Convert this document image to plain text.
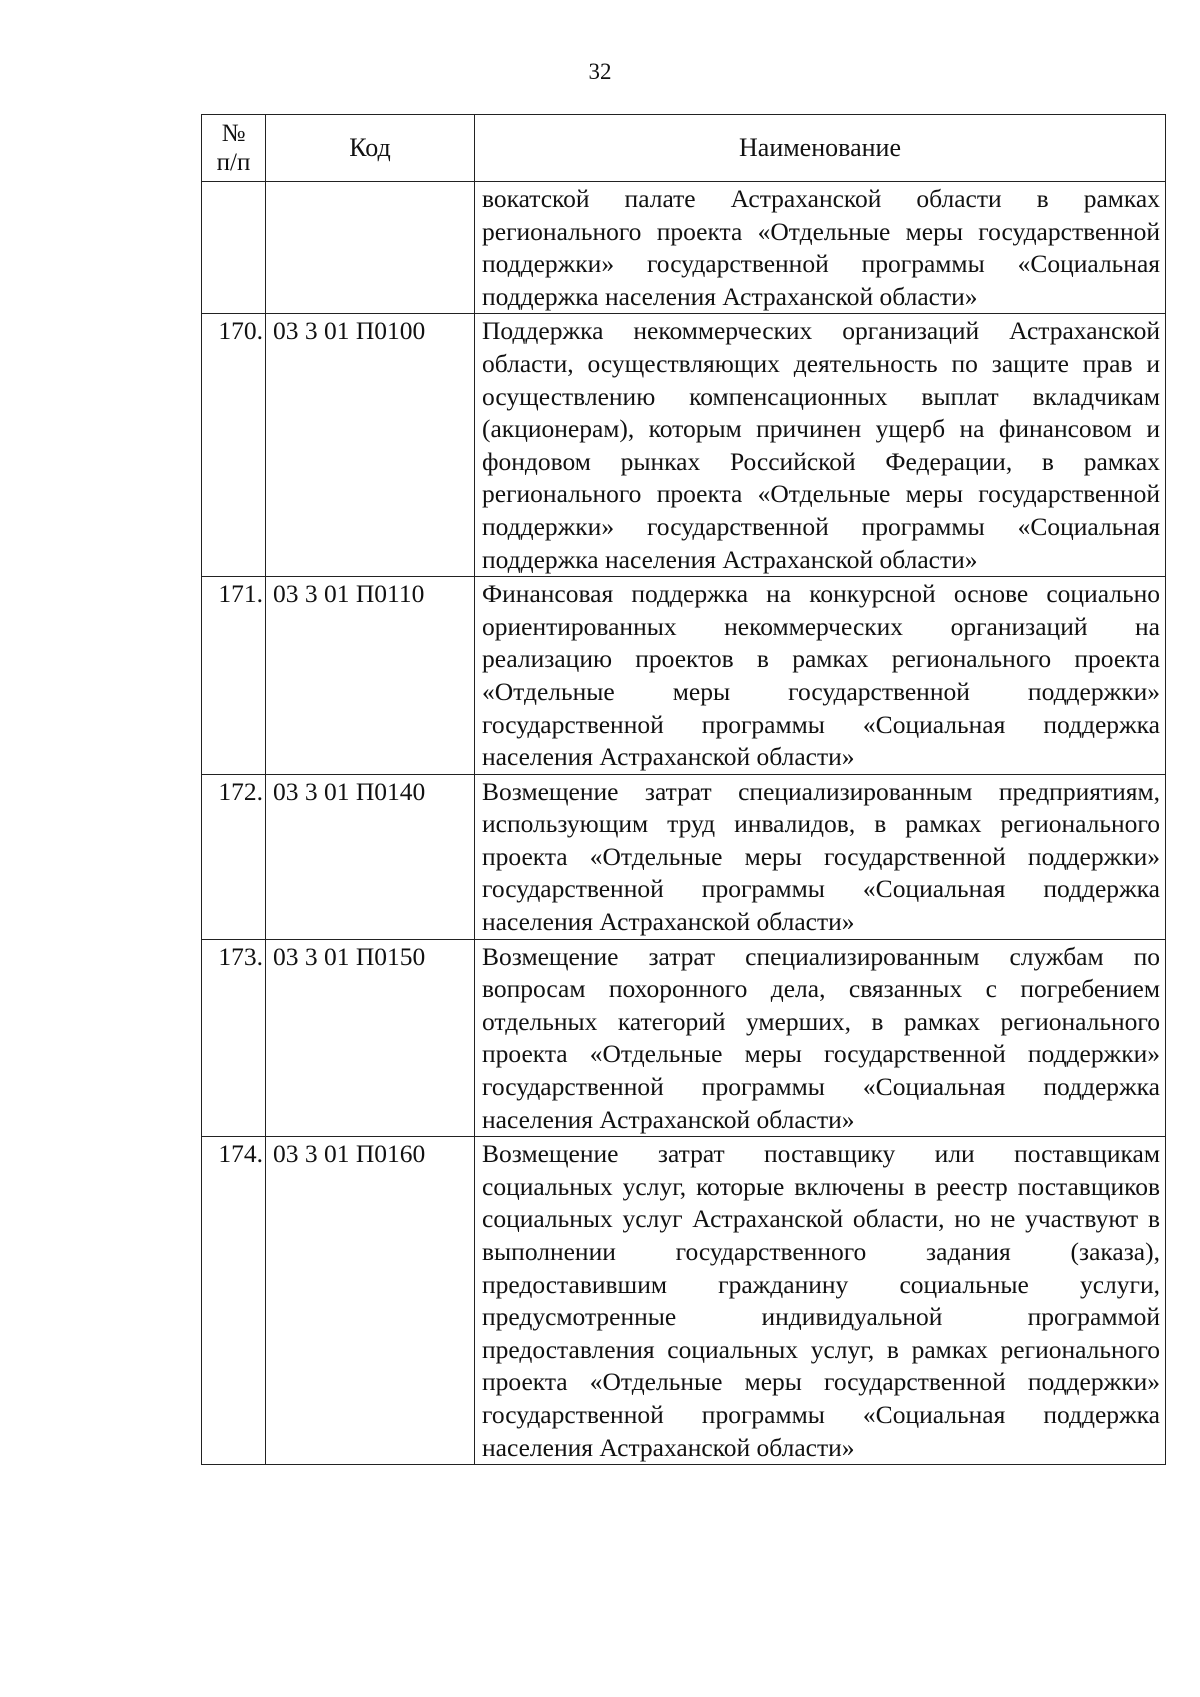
32
№
п/п	Код	Наименование
		вокатской палате Астраханской области в рамках регионального проекта «Отдельные меры государственной поддержки» государственной программы «Социальная поддержка населения Астраханской области»
170.	03 3 01 П0100	Поддержка некоммерческих организаций Астраханской области, осуществляющих деятельность по защите прав и осуществлению компенсационных выплат вкладчикам (акционерам), которым причинен ущерб на финансовом и фондовом рынках Российской Федерации, в рамках регионального проекта «Отдельные меры государственной поддержки» государственной программы «Социальная поддержка населения Астраханской области»
171.	03 3 01 П0110	Финансовая поддержка на конкурсной основе социально ориентированных некоммерческих организаций на реализацию проектов в рамках регионального проекта «Отдельные меры государственной поддержки» государственной программы «Социальная поддержка населения Астраханской области»
172.	03 3 01 П0140	Возмещение затрат специализированным предприятиям, использующим труд инвалидов, в рамках регионального проекта «Отдельные меры государственной поддержки» государственной программы «Социальная поддержка населения Астраханской области»
173.	03 3 01 П0150	Возмещение затрат специализированным службам по вопросам похоронного дела, связанных с погребением отдельных категорий умерших, в рамках регионального проекта «Отдельные меры государственной поддержки» государственной программы «Социальная поддержка населения Астраханской области»
174.	03 3 01 П0160	Возмещение затрат поставщику или поставщикам социальных услуг, которые включены в реестр поставщиков социальных услуг Астраханской области, но не участвуют в выполнении государственного задания (заказа), предоставившим гражданину социальные услуги, предусмотренные индивидуальной программой предоставления социальных услуг, в рамках регионального проекта «Отдельные меры государственной поддержки» государственной программы «Социальная поддержка населения Астраханской области»
